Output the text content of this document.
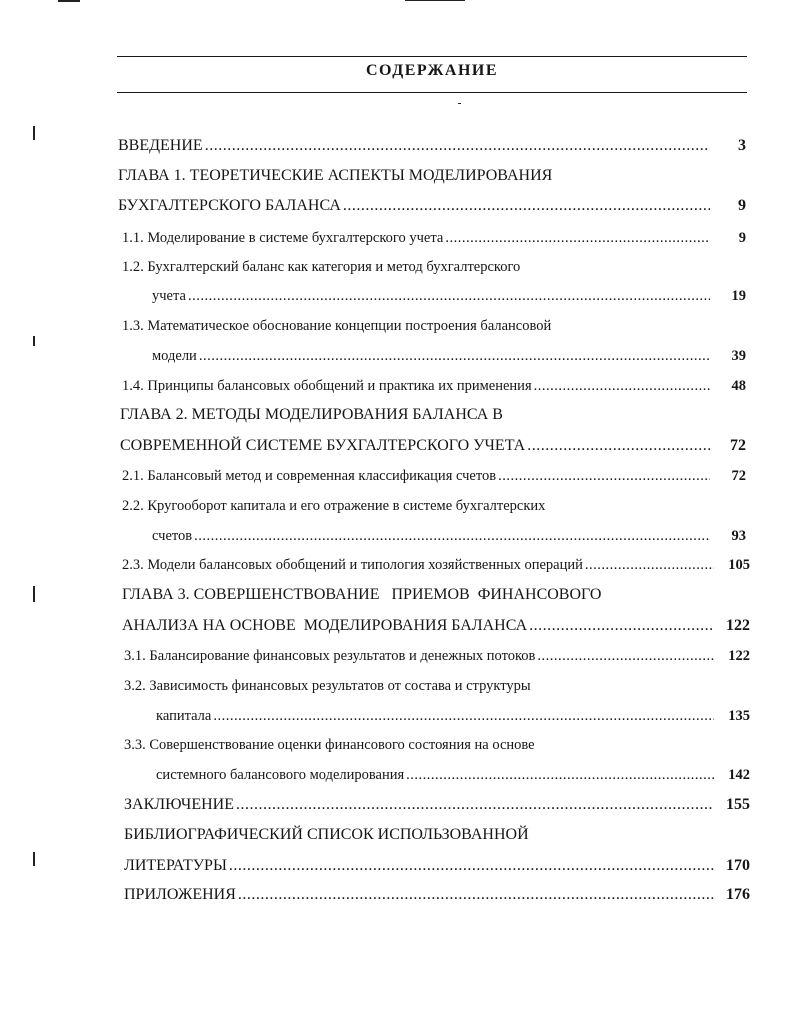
СОДЕРЖАНИЕ
ВВЕДЕНИЕ .....	3
ГЛАВА 1. ТЕОРЕТИЧЕСКИЕ АСПЕКТЫ МОДЕЛИРОВАНИЯ
БУХГАЛТЕРСКОГО БАЛАНСА .....	9
1.1. Моделирование в системе бухгалтерского учета .....	9
1.2. Бухгалтерский баланс как категория и метод бухгалтерского
учета .....	19
1.3. Математическое обоснование концепции построения балансовой
модели .....	39
1.4. Принципы балансовых обобщений и практика их применения .....	48
ГЛАВА 2. МЕТОДЫ МОДЕЛИРОВАНИЯ БАЛАНСА В
СОВРЕМЕННОЙ СИСТЕМЕ БУХГАЛТЕРСКОГО УЧЕТА .....	72
2.1. Балансовый метод и современная классификация счетов .....	72
2.2. Кругооборот капитала и его отражение в системе бухгалтерских
счетов .....	93
2.3. Модели балансовых обобщений и типология хозяйственных операций .....	105
ГЛАВА 3. СОВЕРШЕНСТВОВАНИЕ   ПРИЕМОВ  ФИНАНСОВОГО
АНАЛИЗА НА ОСНОВЕ  МОДЕЛИРОВАНИЯ БАЛАНСА .....	122
3.1. Балансирование финансовых результатов и денежных потоков .....	122
3.2. Зависимость финансовых результатов от состава и структуры
капитала .....	135
3.3. Совершенствование оценки финансового состояния на основе
системного балансового моделирования .....	142
ЗАКЛЮЧЕНИЕ .....	155
БИБЛИОГРАФИЧЕСКИЙ СПИСОК ИСПОЛЬЗОВАННОЙ
ЛИТЕРАТУРЫ .....	170
ПРИЛОЖЕНИЯ .....	176
